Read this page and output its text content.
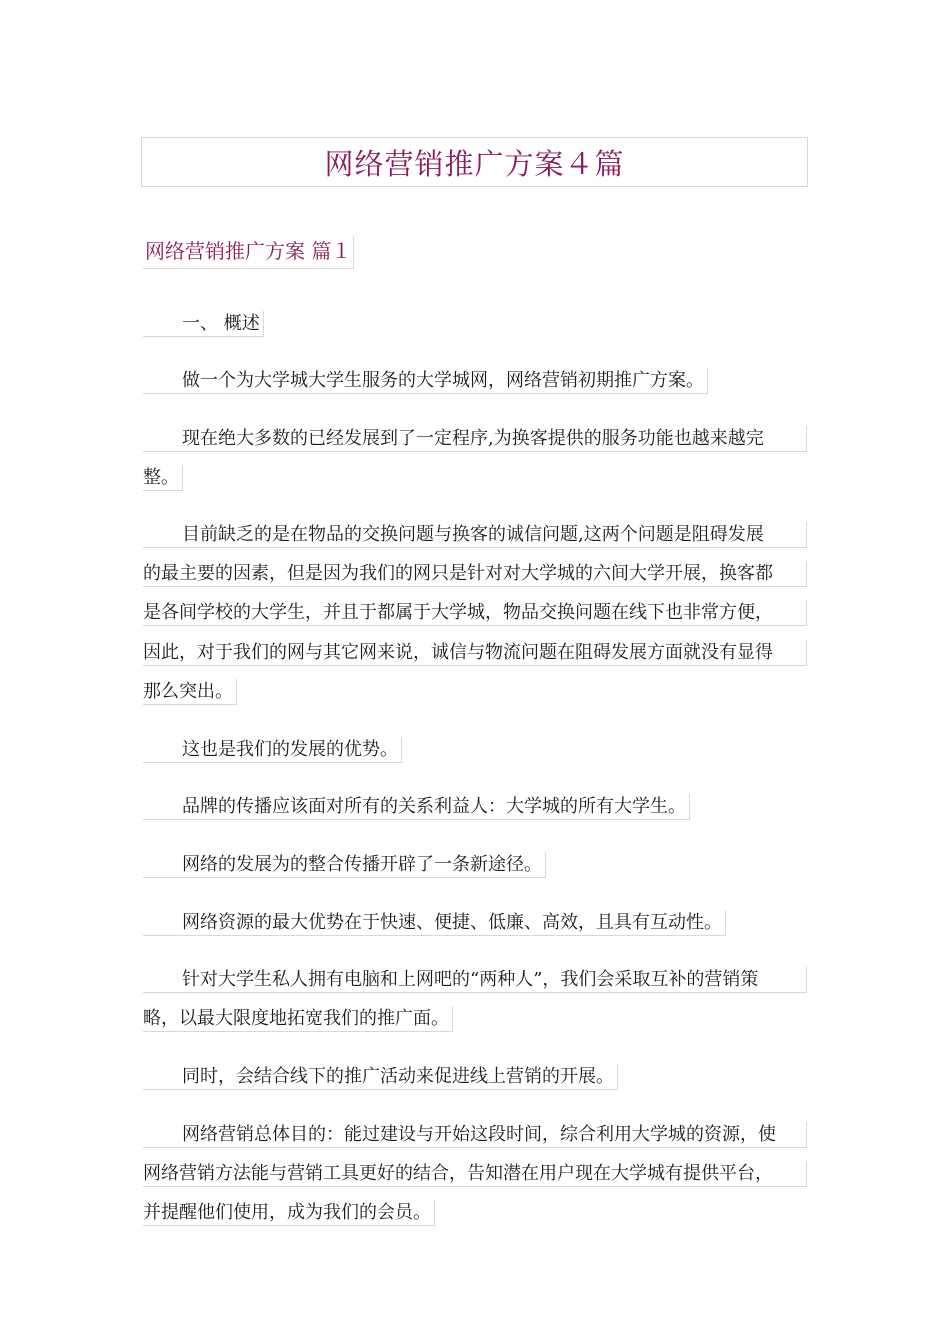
网络营销推广方案４篇
网络营销推广方案 篇１
一、 概述
做一个为大学城大学生服务的大学城网，网络营销初期推广方案。
现在绝大多数的已经发展到了一定程序,为换客提供的服务功能也越来越完
整。
目前缺乏的是在物品的交换问题与换客的诚信问题,这两个问题是阻碍发展
的最主要的因素，但是因为我们的网只是针对对大学城的六间大学开展，换客都
是各间学校的大学生，并且于都属于大学城，物品交换问题在线下也非常方便，
因此，对于我们的网与其它网来说，诚信与物流问题在阻碍发展方面就没有显得
那么突出。
这也是我们的发展的优势。
品牌的传播应该面对所有的关系利益人：大学城的所有大学生。
网络的发展为的整合传播开辟了一条新途径。
网络资源的最大优势在于快速、便捷、低廉、高效，且具有互动性。
针对大学生私人拥有电脑和上网吧的“两种人”，我们会采取互补的营销策
略，以最大限度地拓宽我们的推广面。
同时，会结合线下的推广活动来促进线上营销的开展。
网络营销总体目的：能过建设与开始这段时间，综合利用大学城的资源，使
网络营销方法能与营销工具更好的结合，告知潜在用户现在大学城有提供平台，
并提醒他们使用，成为我们的会员。
